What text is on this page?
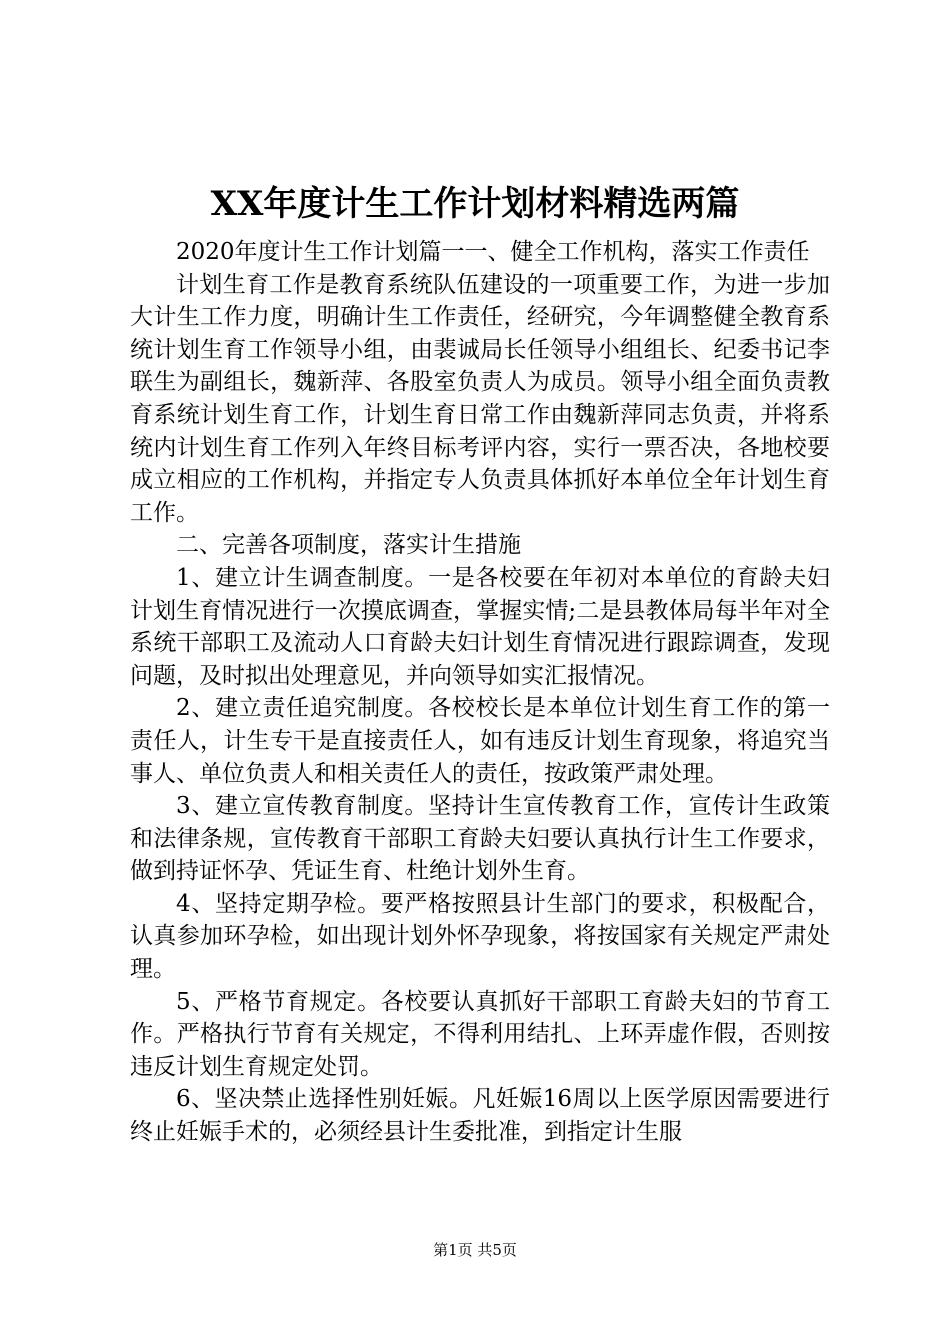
XX年度计生工作计划材料精选两篇

2020年度计生工作计划篇一一、健全工作机构，落实工作责任

计划生育工作是教育系统队伍建设的一项重要工作，为进一步加大计生工作力度，明确计生工作责任，经研究，今年调整健全教育系统计划生育工作领导小组，由裴诚局长任领导小组组长、纪委书记李联生为副组长，魏新萍、各股室负责人为成员。领导小组全面负责教育系统计划生育工作，计划生育日常工作由魏新萍同志负责，并将系统内计划生育工作列入年终目标考评内容，实行一票否决，各地校要成立相应的工作机构，并指定专人负责具体抓好本单位全年计划生育工作。

二、完善各项制度，落实计生措施

1、建立计生调查制度。一是各校要在年初对本单位的育龄夫妇计划生育情况进行一次摸底调查，掌握实情;二是县教体局每半年对全系统干部职工及流动人口育龄夫妇计划生育情况进行跟踪调查，发现问题，及时拟出处理意见，并向领导如实汇报情况。

2、建立责任追究制度。各校校长是本单位计划生育工作的第一责任人，计生专干是直接责任人，如有违反计划生育现象，将追究当事人、单位负责人和相关责任人的责任，按政策严肃处理。

3、建立宣传教育制度。坚持计生宣传教育工作，宣传计生政策和法律条规，宣传教育干部职工育龄夫妇要认真执行计生工作要求，做到持证怀孕、凭证生育、杜绝计划外生育。

4、坚持定期孕检。要严格按照县计生部门的要求，积极配合，认真参加环孕检，如出现计划外怀孕现象，将按国家有关规定严肃处理。

5、严格节育规定。各校要认真抓好干部职工育龄夫妇的节育工作。严格执行节育有关规定，不得利用结扎、上环弄虚作假，否则按违反计划生育规定处罚。

6、坚决禁止选择性别妊娠。凡妊娠16周以上医学原因需要进行终止妊娠手术的，必须经县计生委批准，到指定计生服

第1页 共5页
